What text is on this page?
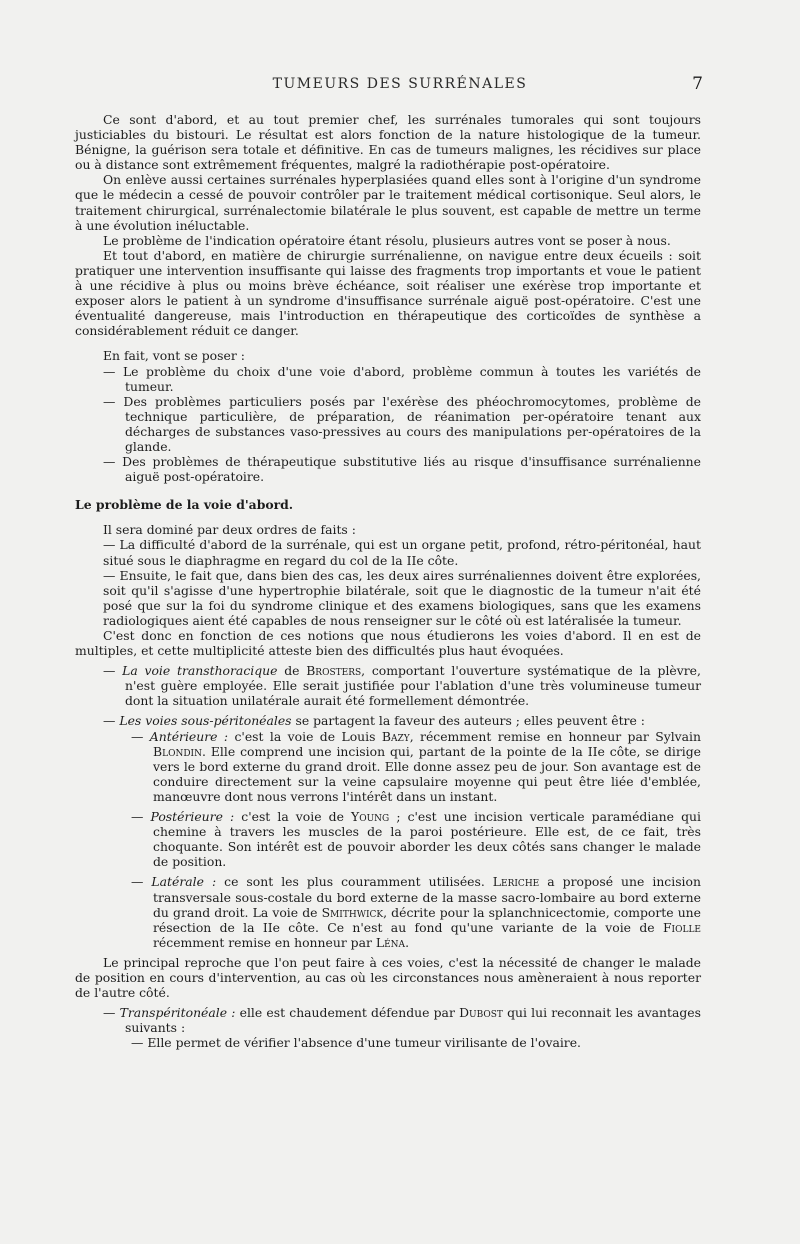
TUMEURS DES SURRÉNALES	7

Ce sont d'abord, et au tout premier chef, les surrénales tumorales qui sont toujours justiciables du bistouri. Le résultat est alors fonction de la nature histologique de la tumeur. Bénigne, la guérison sera totale et définitive. En cas de tumeurs malignes, les récidives sur place ou à distance sont extrêmement fréquentes, malgré la radiothérapie post-opératoire.

On enlève aussi certaines surrénales hyperplasiées quand elles sont à l'origine d'un syndrome que le médecin a cessé de pouvoir contrôler par le traitement médical cortisonique. Seul alors, le traitement chirurgical, surrénalectomie bilatérale le plus souvent, est capable de mettre un terme à une évolution inéluctable.

Le problème de l'indication opératoire étant résolu, plusieurs autres vont se poser à nous.

Et tout d'abord, en matière de chirurgie surrénalienne, on navigue entre deux écueils : soit pratiquer une intervention insuffisante qui laisse des fragments trop importants et voue le patient à une récidive à plus ou moins brève échéance, soit réaliser une exérèse trop importante et exposer alors le patient à un syndrome d'insuffisance surrénale aiguë post-opératoire. C'est une éventualité dangereuse, mais l'introduction en thérapeutique des corticoïdes de synthèse a considérablement réduit ce danger.

En fait, vont se poser :

— Le problème du choix d'une voie d'abord, problème commun à toutes les variétés de tumeur.

— Des problèmes particuliers posés par l'exérèse des phéochromocytomes, problème de technique particulière, de préparation, de réanimation per-opératoire tenant aux décharges de substances vaso-pressives au cours des manipulations per-opératoires de la glande.

— Des problèmes de thérapeutique substitutive liés au risque d'insuffisance surrénalienne aiguë post-opératoire.

Le problème de la voie d'abord.

Il sera dominé par deux ordres de faits :

— La difficulté d'abord de la surrénale, qui est un organe petit, profond, rétro-péritonéal, haut situé sous le diaphragme en regard du col de la IIe côte.

— Ensuite, le fait que, dans bien des cas, les deux aires surrénaliennes doivent être explorées, soit qu'il s'agisse d'une hypertrophie bilatérale, soit que le diagnostic de la tumeur n'ait été posé que sur la foi du syndrome clinique et des examens biologiques, sans que les examens radiologiques aient été capables de nous renseigner sur le côté où est latéralisée la tumeur.

C'est donc en fonction de ces notions que nous étudierons les voies d'abord. Il en est de multiples, et cette multiplicité atteste bien des difficultés plus haut évoquées.

— La voie transthoracique de Brosters, comportant l'ouverture systématique de la plèvre, n'est guère employée. Elle serait justifiée pour l'ablation d'une très volumineuse tumeur dont la situation unilatérale aurait été formellement démontrée.

— Les voies sous-péritonéales se partagent la faveur des auteurs ; elles peuvent être :

— Antérieure : c'est la voie de Louis Bazy, récemment remise en honneur par Sylvain Blondin. Elle comprend une incision qui, partant de la pointe de la IIe côte, se dirige vers le bord externe du grand droit. Elle donne assez peu de jour. Son avantage est de conduire directement sur la veine capsulaire moyenne qui peut être liée d'emblée, manœuvre dont nous verrons l'intérêt dans un instant.

— Postérieure : c'est la voie de Young ; c'est une incision verticale paramédiane qui chemine à travers les muscles de la paroi postérieure. Elle est, de ce fait, très choquante. Son intérêt est de pouvoir aborder les deux côtés sans changer le malade de position.

— Latérale : ce sont les plus couramment utilisées. Leriche a proposé une incision transversale sous-costale du bord externe de la masse sacro-lombaire au bord externe du grand droit. La voie de Smithwick, décrite pour la splanchnicectomie, comporte une résection de la IIe côte. Ce n'est au fond qu'une variante de la voie de Fiolle récemment remise en honneur par Léna.

Le principal reproche que l'on peut faire à ces voies, c'est la nécessité de changer le malade de position en cours d'intervention, au cas où les circonstances nous amèneraient à nous reporter de l'autre côté.

— Transpéritonéale : elle est chaudement défendue par Dubost qui lui reconnait les avantages suivants :

— Elle permet de vérifier l'absence d'une tumeur virilisante de l'ovaire.
